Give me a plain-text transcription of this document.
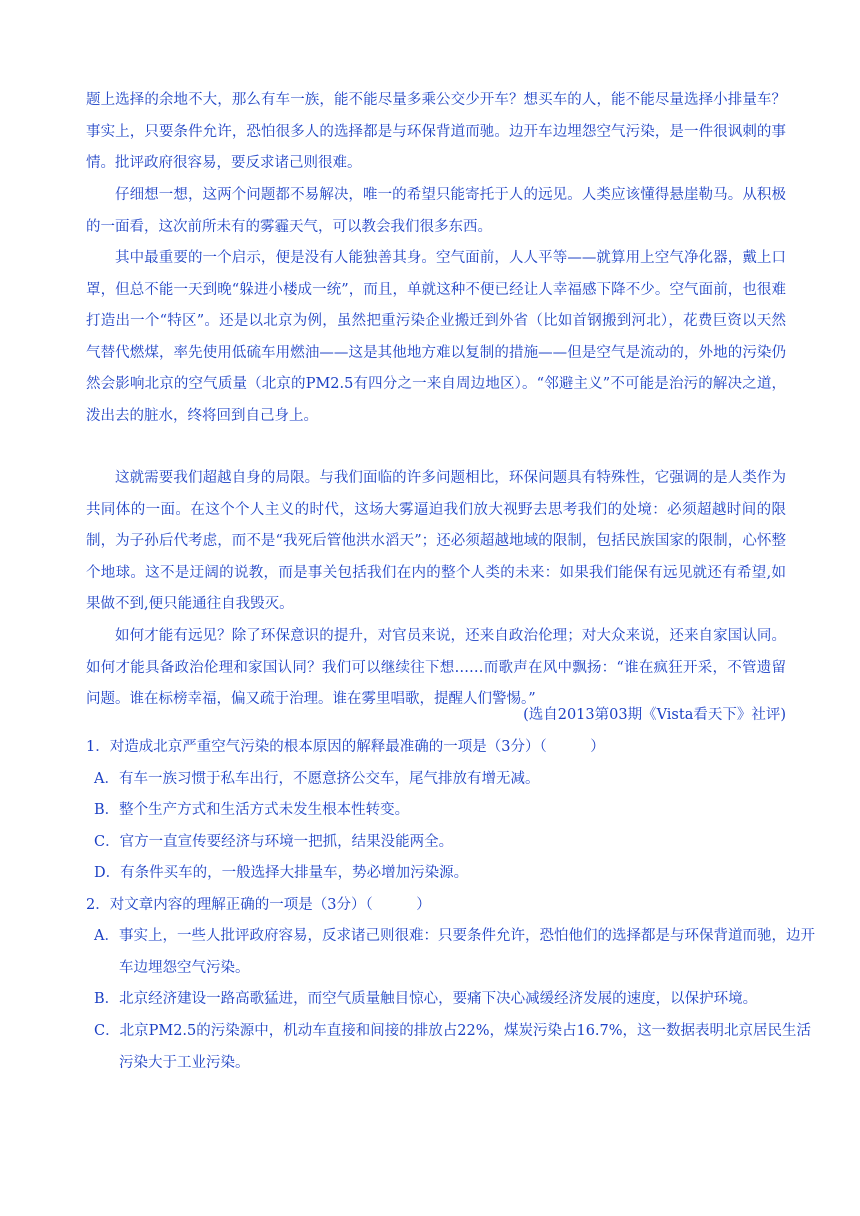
题上选择的余地不大，那么有车一族，能不能尽量多乘公交少开车？想买车的人，能不能尽量选择小排量车？事实上，只要条件允许，恐怕很多人的选择都是与环保背道而驰。边开车边埋怨空气污染，是一件很讽刺的事情。批评政府很容易，要反求诸己则很难。

仔细想一想，这两个问题都不易解决，唯一的希望只能寄托于人的远见。人类应该懂得悬崖勒马。从积极的一面看，这次前所未有的雾霾天气，可以教会我们很多东西。

其中最重要的一个启示，便是没有人能独善其身。空气面前，人人平等——就算用上空气净化器，戴上口罩，但总不能一天到晚“躲进小楼成一统”，而且，单就这种不便已经让人幸福感下降不少。空气面前，也很难打造出一个“特区”。还是以北京为例，虽然把重污染企业搬迁到外省（比如首钢搬到河北），花费巨资以天然气替代燃煤，率先使用低硫车用燃油——这是其他地方难以复制的措施——但是空气是流动的，外地的污染仍然会影响北京的空气质量（北京的PM2.5有四分之一来自周边地区）。“邻避主义”不可能是治污的解决之道，泼出去的脏水，终将回到自己身上。

这就需要我们超越自身的局限。与我们面临的许多问题相比，环保问题具有特殊性，它强调的是人类作为共同体的一面。在这个个人主义的时代，这场大雾逼迫我们放大视野去思考我们的处境：必须超越时间的限制，为子孙后代考虑，而不是“我死后管他洪水滔天”；还必须超越地域的限制，包括民族国家的限制，心怀整个地球。这不是迂阔的说教，而是事关包括我们在内的整个人类的未来：如果我们能保有远见就还有希望,如果做不到,便只能通往自我毁灭。

如何才能有远见？除了环保意识的提升，对官员来说，还来自政治伦理；对大众来说，还来自家国认同。如何才能具备政治伦理和家国认同？我们可以继续往下想……而歌声在风中飘扬：“谁在疯狂开采，不管遗留问题。谁在标榜幸福，偏又疏于治理。谁在雾里唱歌，提醒人们警惕。”

(选自2013第03期《Vista看天下》社评)

1．对造成北京严重空气污染的根本原因的解释最准确的一项是（3分）（　　　）

A．有车一族习惯于私车出行，不愿意挤公交车，尾气排放有增无减。

B．整个生产方式和生活方式未发生根本性转变。

C．官方一直宣传要经济与环境一把抓，结果没能两全。

D．有条件买车的，一般选择大排量车，势必增加污染源。

2．对文章内容的理解正确的一项是（3分）（　　　）

A．事实上，一些人批评政府容易，反求诸己则很难：只要条件允许，恐怕他们的选择都是与环保背道而驰，边开车边埋怨空气污染。

B．北京经济建设一路高歌猛进，而空气质量触目惊心，要痛下决心减缓经济发展的速度，以保护环境。

C．北京PM2.5的污染源中，机动车直接和间接的排放占22%，煤炭污染占16.7%，这一数据表明北京居民生活污染大于工业污染。
